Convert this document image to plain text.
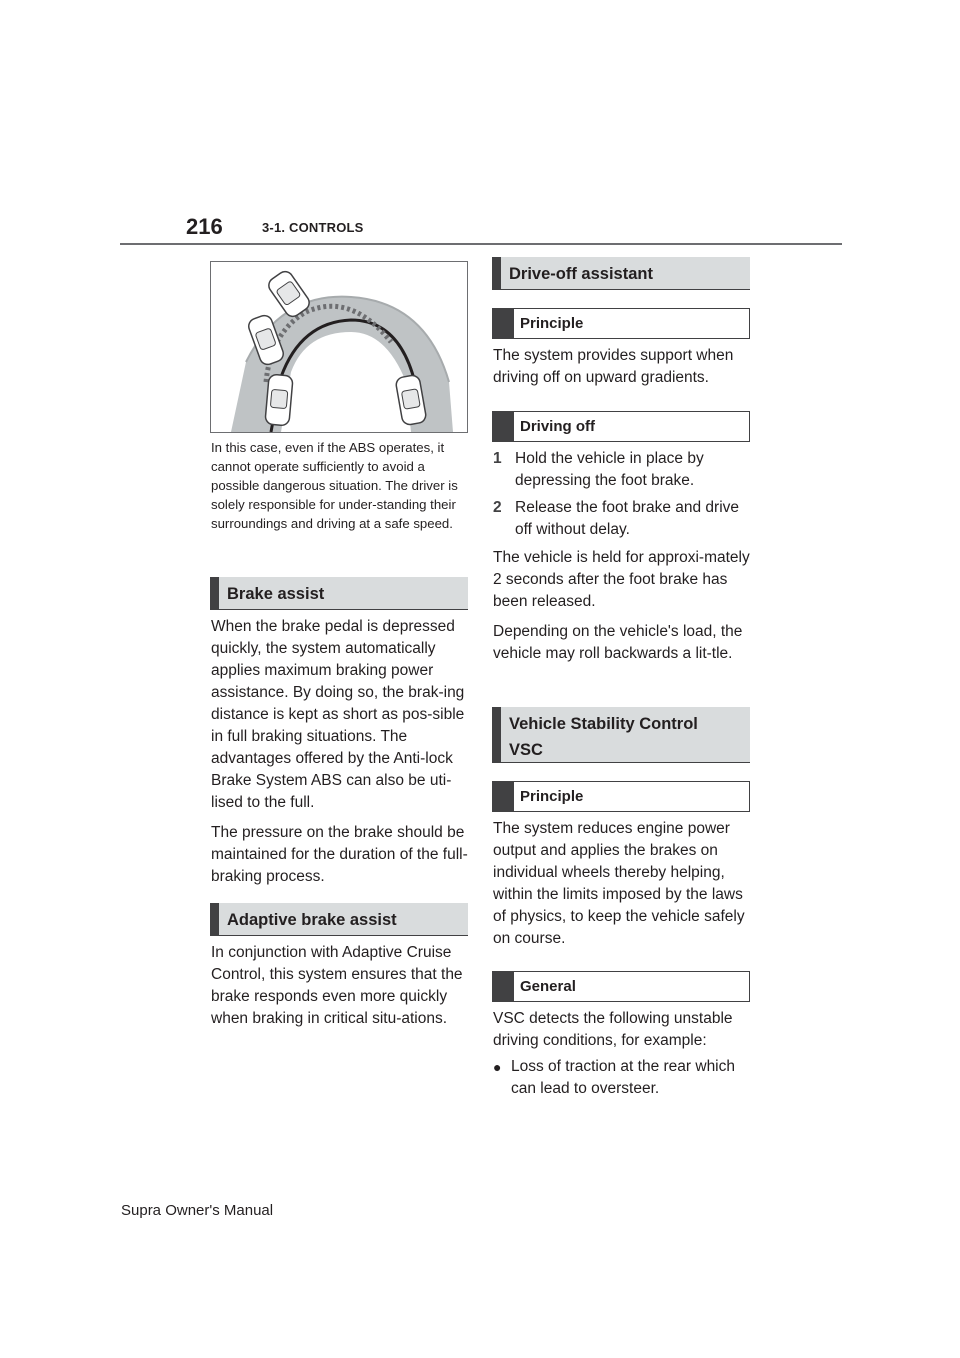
216	3-1. CONTROLS

In this case, even if the ABS operates, it cannot operate sufficiently to avoid a possible dangerous situation. The driver is solely responsible for under-standing their surroundings and driving at a safe speed.

Brake assist

When the brake pedal is depressed quickly, the system automatically applies maximum braking power assistance. By doing so, the brak-ing distance is kept as short as pos-sible in full braking situations. The advantages offered by the Anti-lock Brake System ABS can also be uti-lised to the full.

The pressure on the brake should be maintained for the duration of the full-braking process.

Adaptive brake assist

In conjunction with Adaptive Cruise Control, this system ensures that the brake responds even more quickly when braking in critical situ-ations.

Drive-off assistant
Principle

The system provides support when driving off on upward gradients.

Driving off
1 Hold the vehicle in place by depressing the foot brake.
2 Release the foot brake and drive off without delay.

The vehicle is held for approxi-mately 2 seconds after the foot brake has been released.

Depending on the vehicle's load, the vehicle may roll backwards a lit-tle.

Vehicle Stability Control
VSC
Principle

The system reduces engine power output and applies the brakes on individual wheels thereby helping, within the limits imposed by the laws of physics, to keep the vehicle safely on course.

General

VSC detects the following unstable driving conditions, for example:

● Loss of traction at the rear which can lead to oversteer.
Supra Owner's Manual
